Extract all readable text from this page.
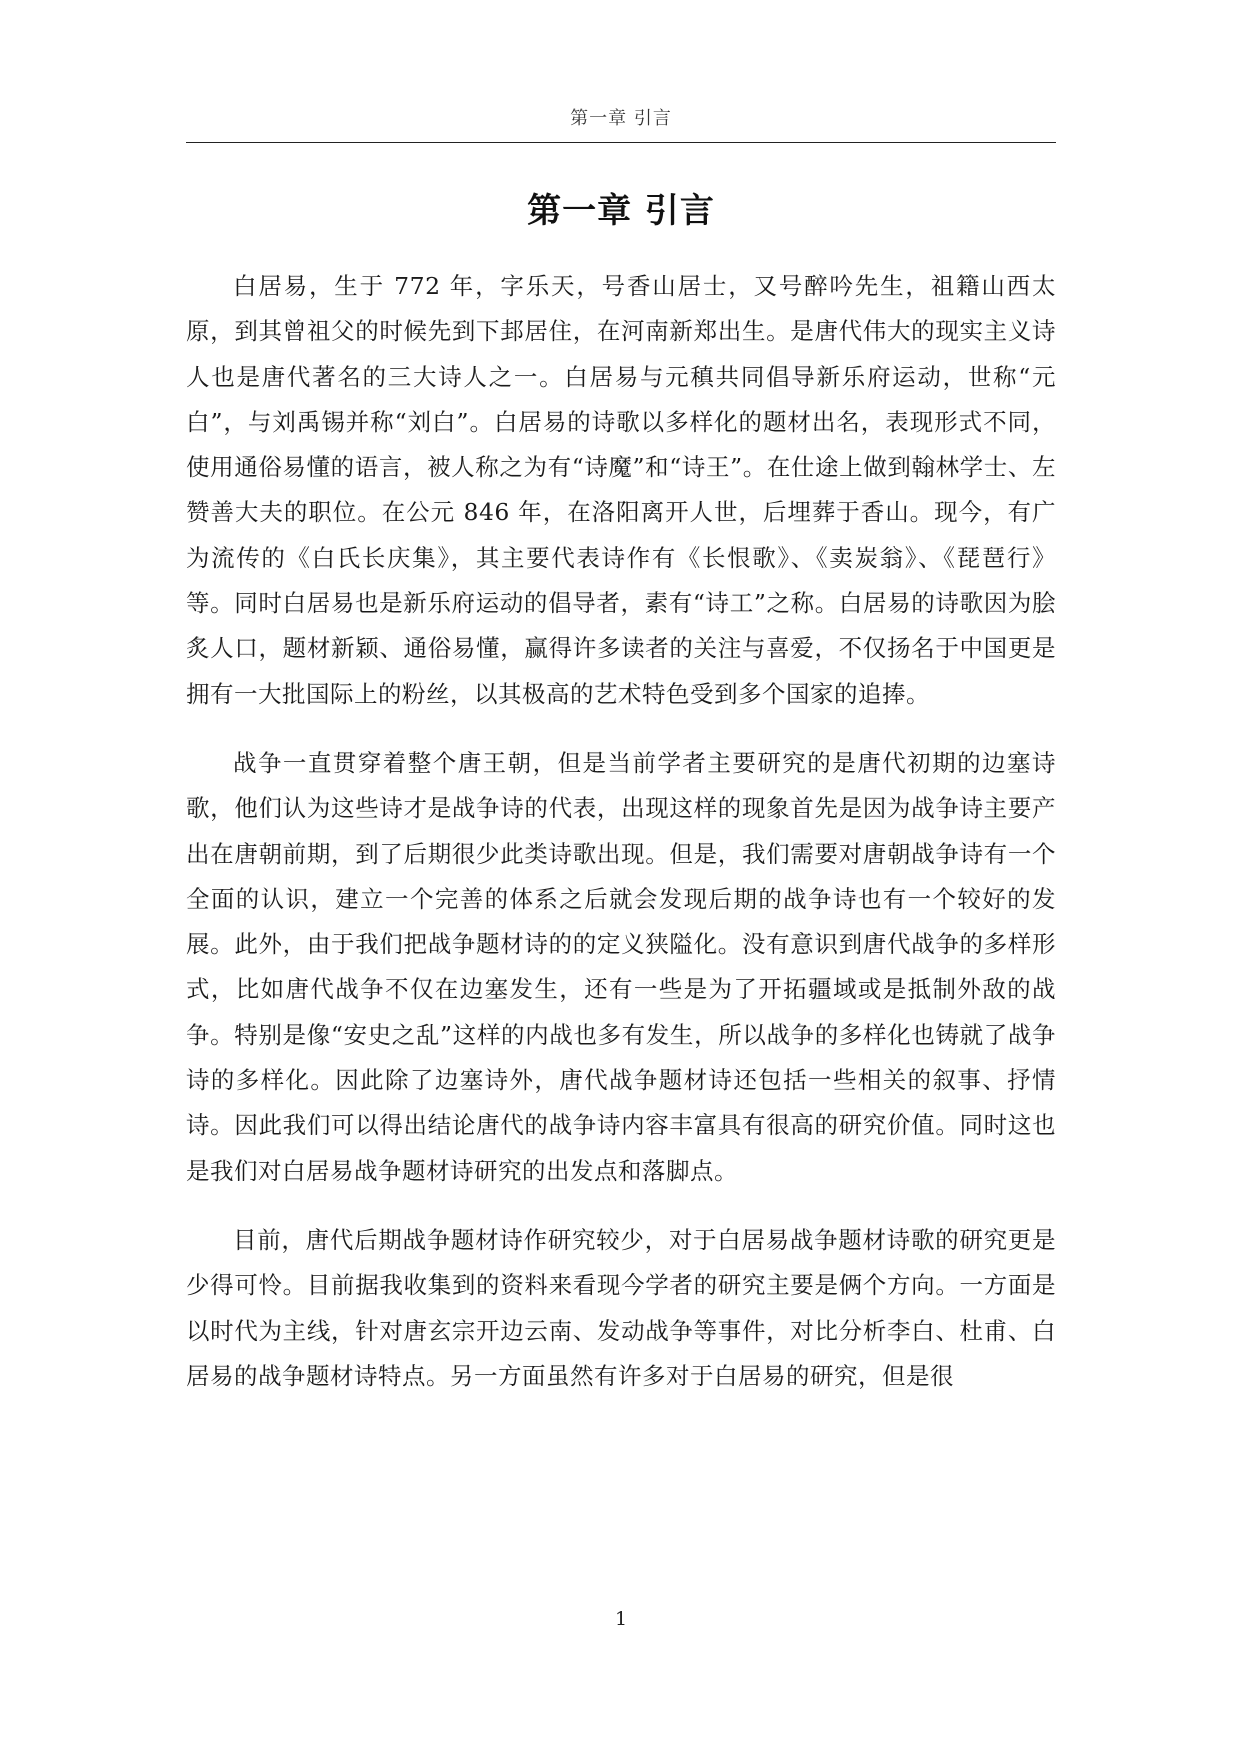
第一章 引言
第一章 引言

白居易，生于 772 年，字乐天，号香山居士，又号醉吟先生，祖籍山西太原，到其曾祖父的时候先到下邽居住，在河南新郑出生。是唐代伟大的现实主义诗人也是唐代著名的三大诗人之一。白居易与元稹共同倡导新乐府运动，世称“元白”，与刘禹锡并称“刘白”。白居易的诗歌以多样化的题材出名，表现形式不同，使用通俗易懂的语言，被人称之为有“诗魔”和“诗王”。在仕途上做到翰林学士、左赞善大夫的职位。在公元 846 年，在洛阳离开人世，后埋葬于香山。现今，有广为流传的《白氏长庆集》，其主要代表诗作有《长恨歌》、《卖炭翁》、《琵琶行》等。同时白居易也是新乐府运动的倡导者，素有“诗工”之称。白居易的诗歌因为脍炙人口，题材新颖、通俗易懂，赢得许多读者的关注与喜爱，不仅扬名于中国更是拥有一大批国际上的粉丝，以其极高的艺术特色受到多个国家的追捧。

战争一直贯穿着整个唐王朝，但是当前学者主要研究的是唐代初期的边塞诗歌，他们认为这些诗才是战争诗的代表，出现这样的现象首先是因为战争诗主要产出在唐朝前期，到了后期很少此类诗歌出现。但是，我们需要对唐朝战争诗有一个全面的认识，建立一个完善的体系之后就会发现后期的战争诗也有一个较好的发展。此外，由于我们把战争题材诗的的定义狭隘化。没有意识到唐代战争的多样形式，比如唐代战争不仅在边塞发生，还有一些是为了开拓疆域或是抵制外敌的战争。特别是像“安史之乱”这样的内战也多有发生，所以战争的多样化也铸就了战争诗的多样化。因此除了边塞诗外，唐代战争题材诗还包括一些相关的叙事、抒情诗。因此我们可以得出结论唐代的战争诗内容丰富具有很高的研究价值。同时这也是我们对白居易战争题材诗研究的出发点和落脚点。

目前，唐代后期战争题材诗作研究较少，对于白居易战争题材诗歌的研究更是少得可怜。目前据我收集到的资料来看现今学者的研究主要是俩个方向。一方面是以时代为主线，针对唐玄宗开边云南、发动战争等事件，对比分析李白、杜甫、白居易的战争题材诗特点。另一方面虽然有许多对于白居易的研究，但是很

1
